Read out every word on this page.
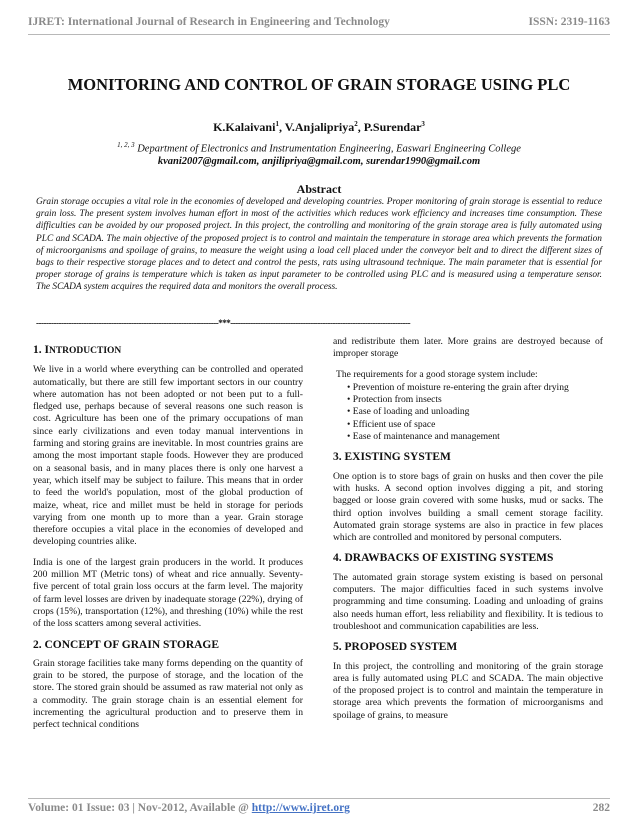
IJRET: International Journal of Research in Engineering and Technology	ISSN: 2319-1163
MONITORING AND CONTROL OF GRAIN STORAGE USING PLC
K.Kalaivani$^1$, V.Anjalipriya$^2$, P.Surendar$^3$
$^{1, 2, 3}$ Department of Electronics and Instrumentation Engineering, Easwari Engineering College
kvani2007@gmail.com, anjilipriya@gmail.com, surendar1990@gmail.com
Abstract

Grain storage occupies a vital role in the economies of developed and developing countries. Proper monitoring of grain storage is essential to reduce grain loss. The present system involves human effort in most of the activities which reduces work efficiency and increases time consumption. These difficulties can be avoided by our proposed project. In this project, the controlling and monitoring of the grain storage area is fully automated using PLC and SCADA. The main objective of the proposed project is to control and maintain the temperature in storage area which prevents the formation of microorganisms and spoilage of grains, to measure the weight using a load cell placed under the conveyor belt and to direct the different sizes of bags to their respective storage places and to detect and control the pests, rats using ultrasound technique. The main parameter that is essential for proper storage of grains is temperature which is taken as input parameter to be controlled using PLC and is measured using a temperature sensor. The SCADA system acquires the required data and monitors the overall process.

-------------------------------------------------------------------------***------------------------------------------------------------------------
1. INTRODUCTION

We live in a world where everything can be controlled and operated automatically, but there are still few important sectors in our country where automation has not been adopted or not been put to a full- fledged use, perhaps because of several reasons one such reason is cost. Agriculture has been one of the primary occupations of man since early civilizations and even today manual interventions in farming and storing grains are inevitable. In most countries grains are among the most important staple foods. However they are produced on a seasonal basis, and in many places there is only one harvest a year, which itself may be subject to failure. This means that in order to feed the world's population, most of the global production of maize, wheat, rice and millet must be held in storage for periods varying from one month up to more than a year. Grain storage therefore occupies a vital place in the economies of developed and developing countries alike.

India is one of the largest grain producers in the world. It produces 200 million MT (Metric tons) of wheat and rice annually. Seventy-five percent of total grain loss occurs at the farm level. The majority of farm level losses are driven by inadequate storage (22%), drying of crops (15%), transportation (12%), and threshing (10%) while the rest of the loss scatters among several activities.

2. CONCEPT OF GRAIN STORAGE

Grain storage facilities take many forms depending on the quantity of grain to be stored, the purpose of storage, and the location of the store. The stored grain should be assumed as raw material not only as a commodity. The grain storage chain is an essential element for incrementing the agricultural production and to preserve them in perfect technical conditions

and redistribute them later. More grains are destroyed because of improper storage

The requirements for a good storage system include:

• Prevention of moisture re-entering the grain after drying
• Protection from insects
• Ease of loading and unloading
• Efficient use of space
• Ease of maintenance and management
3. EXISTING SYSTEM

One option is to store bags of grain on husks and then cover the pile with husks. A second option involves digging a pit, and storing bagged or loose grain covered with some husks, mud or sacks. The third option involves building a small cement storage facility. Automated grain storage systems are also in practice in few places which are controlled and monitored by personal computers.

4. DRAWBACKS OF EXISTING SYSTEMS

The automated grain storage system existing is based on personal computers. The major difficulties faced in such systems involve programming and time consuming. Loading and unloading of grains also needs human effort, less reliability and flexibility. It is tedious to troubleshoot and communication capabilities are less.

5. PROPOSED SYSTEM

In this project, the controlling and monitoring of the grain storage area is fully automated using PLC and SCADA. The main objective of the proposed project is to control and maintain the temperature in storage area which prevents the formation of microorganisms and spoilage of grains, to measure

Volume: 01 Issue: 03 | Nov-2012, Available @ http://www.ijret.org	282
